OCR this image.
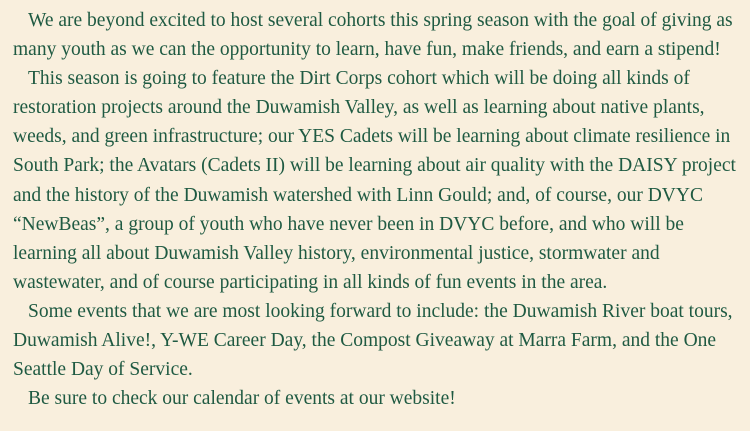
We are beyond excited to host several cohorts this spring season with the goal of giving as many youth as we can the opportunity to learn, have fun, make friends, and earn a stipend!

This season is going to feature the Dirt Corps cohort which will be doing all kinds of restoration projects around the Duwamish Valley, as well as learning about native plants, weeds, and green infrastructure; our YES Cadets will be learning about climate resilience in South Park; the Avatars (Cadets II) will be learning about air quality with the DAISY project and the history of the Duwamish watershed with Linn Gould; and, of course, our DVYC “NewBeas”, a group of youth who have never been in DVYC before, and who will be learning all about Duwamish Valley history, environmental justice, stormwater and wastewater, and of course participating in all kinds of fun events in the area.

Some events that we are most looking forward to include: the Duwamish River boat tours, Duwamish Alive!, Y-WE Career Day, the Compost Giveaway at Marra Farm, and the One Seattle Day of Service.

Be sure to check our calendar of events at our website!
